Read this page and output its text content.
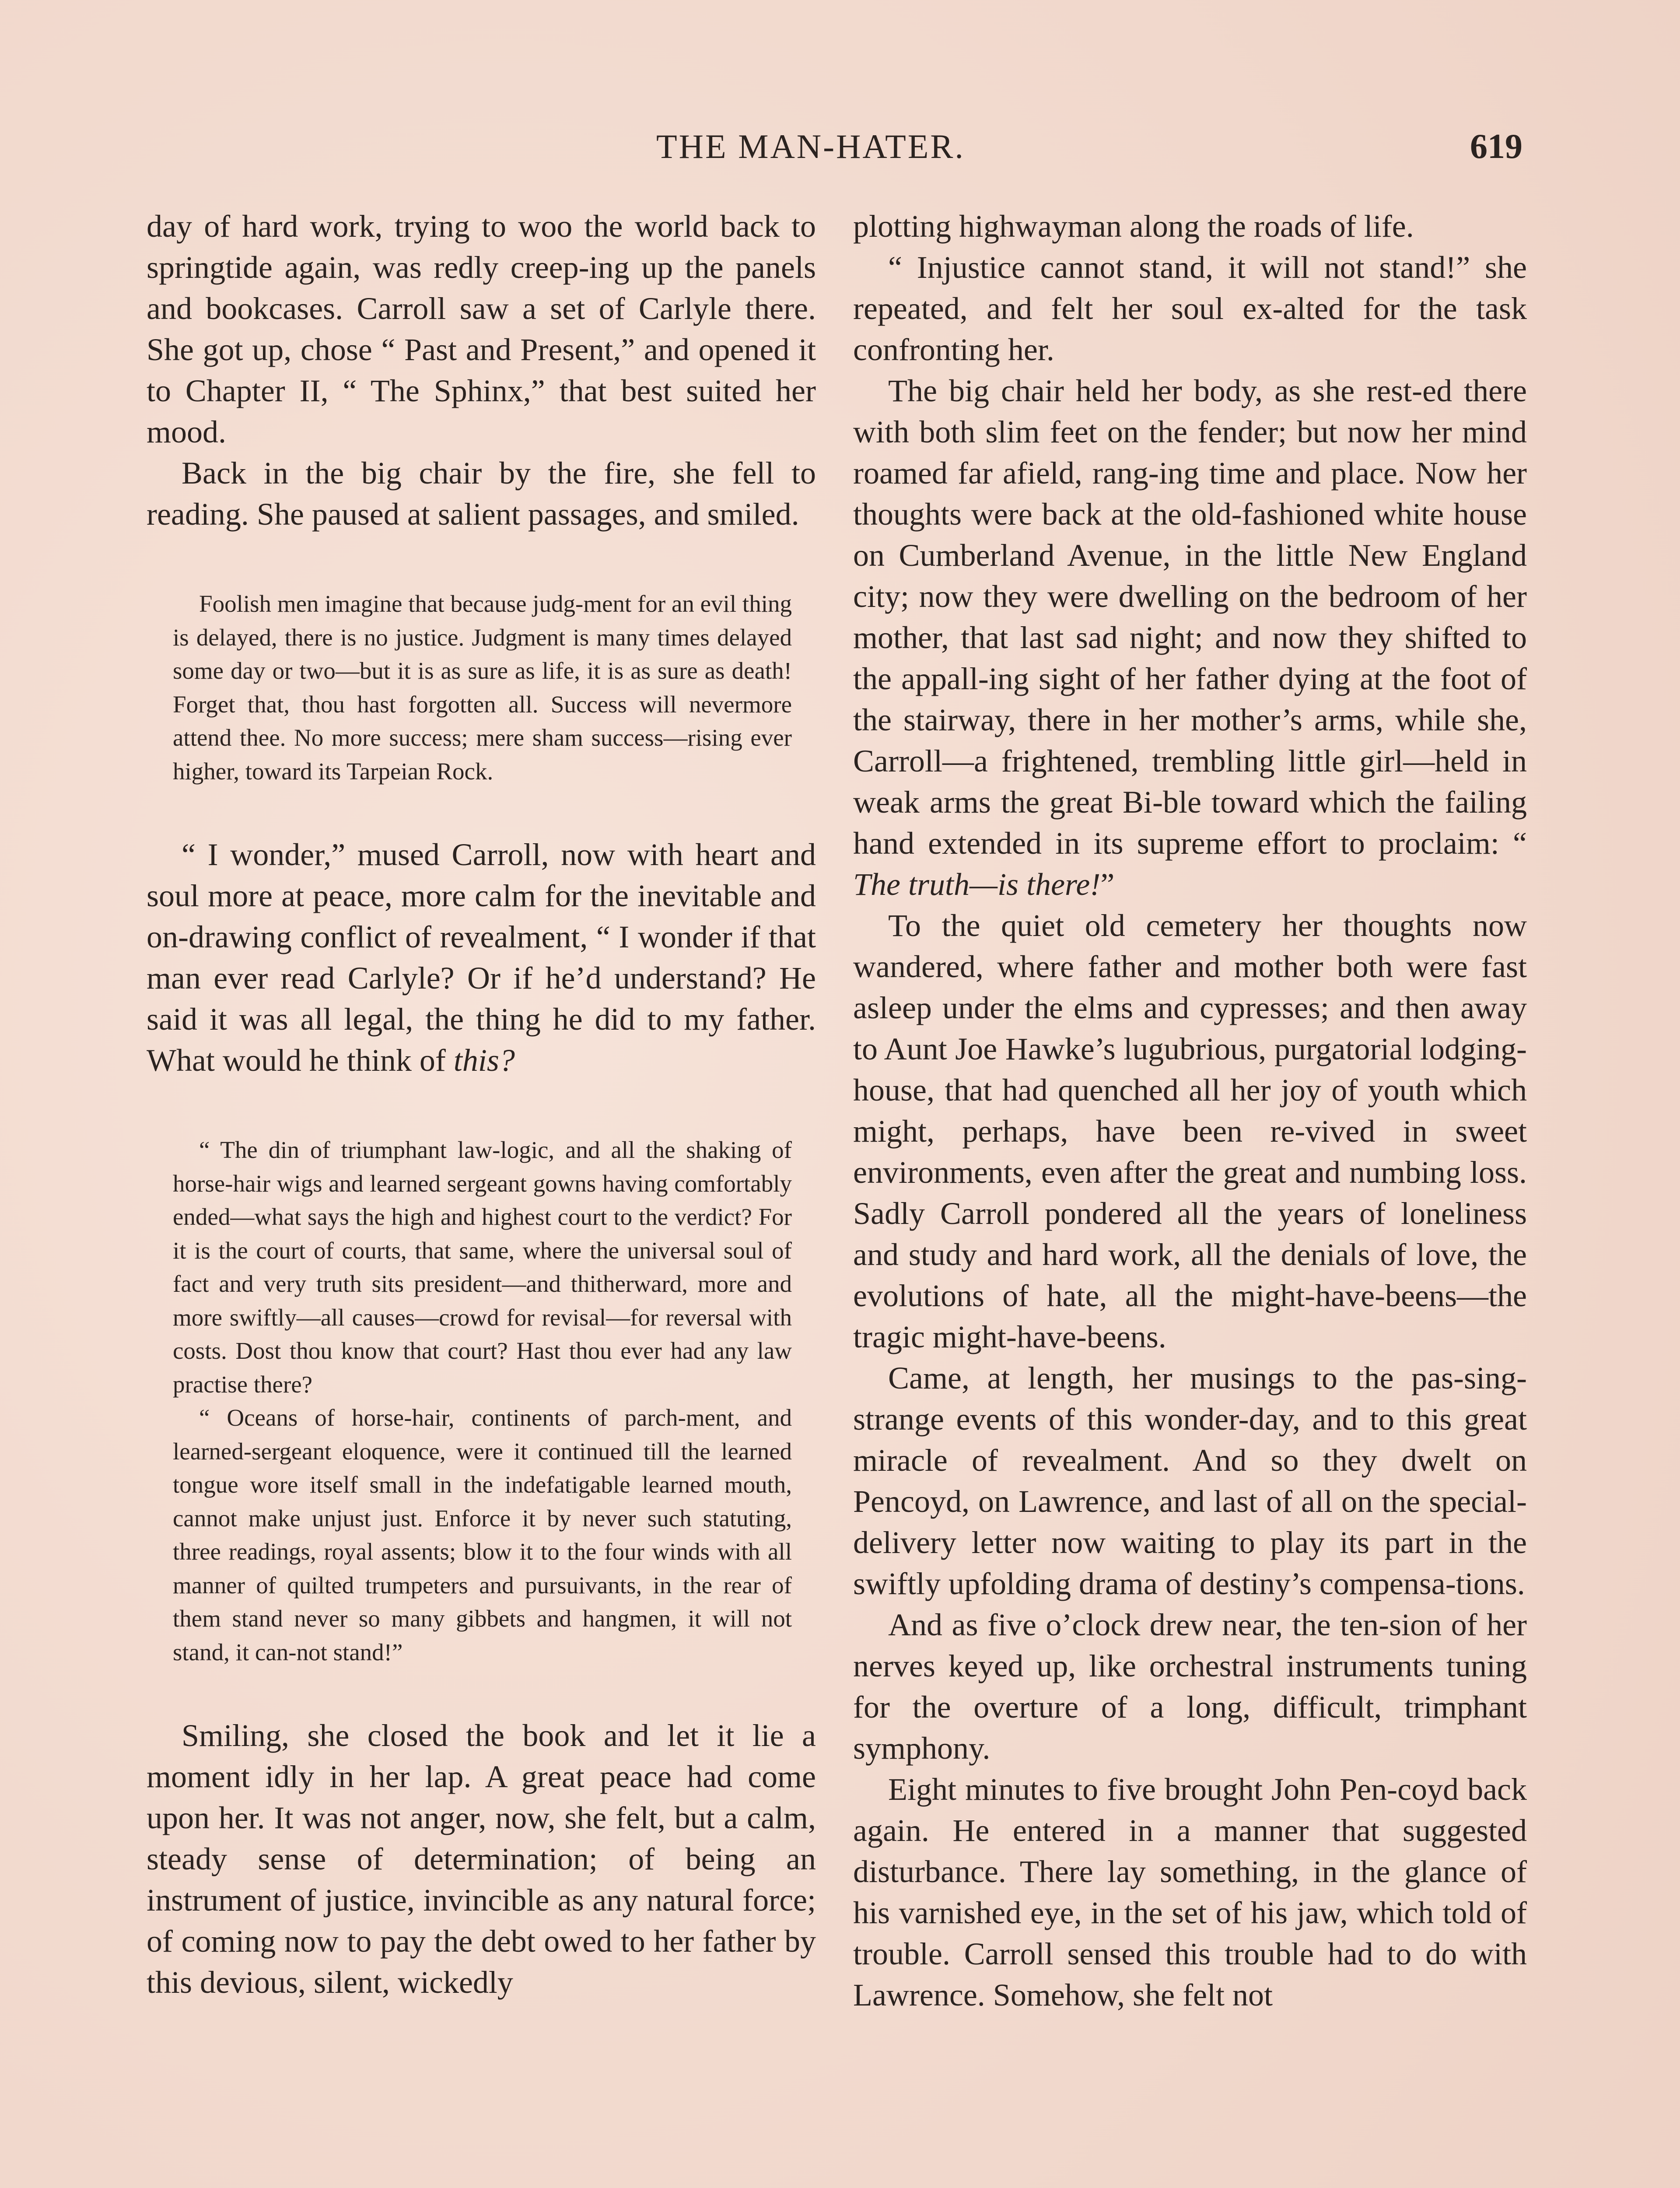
THE MAN-HATER.	619

day of hard work, trying to woo the world back to springtide again, was redly creep-ing up the panels and bookcases. Carroll saw a set of Carlyle there. She got up, chose “ Past and Present,” and opened it to Chapter II, “ The Sphinx,” that best suited her mood.

Back in the big chair by the fire, she fell to reading. She paused at salient passages, and smiled.

Foolish men imagine that because judg-ment for an evil thing is delayed, there is no justice. Judgment is many times delayed some day or two—but it is as sure as life, it is as sure as death! Forget that, thou hast forgotten all. Success will nevermore attend thee. No more success; mere sham success—rising ever higher, toward its Tarpeian Rock.

“ I wonder,” mused Carroll, now with heart and soul more at peace, more calm for the inevitable and on-drawing conflict of revealment, “ I wonder if that man ever read Carlyle? Or if he’d understand? He said it was all legal, the thing he did to my father. What would he think of this?

“ The din of triumphant law-logic, and all the shaking of horse-hair wigs and learned sergeant gowns having comfortably ended—what says the high and highest court to the verdict? For it is the court of courts, that same, where the universal soul of fact and very truth sits president—and thitherward, more and more swiftly—all causes—crowd for revisal—for reversal with costs. Dost thou know that court? Hast thou ever had any law practise there?

“ Oceans of horse-hair, continents of parch-ment, and learned-sergeant eloquence, were it continued till the learned tongue wore itself small in the indefatigable learned mouth, cannot make unjust just. Enforce it by never such statuting, three readings, royal assents; blow it to the four winds with all manner of quilted trumpeters and pursuivants, in the rear of them stand never so many gibbets and hangmen, it will not stand, it can-not stand!”

Smiling, she closed the book and let it lie a moment idly in her lap. A great peace had come upon her. It was not anger, now, she felt, but a calm, steady sense of determination; of being an instrument of justice, invincible as any natural force; of coming now to pay the debt owed to her father by this devious, silent, wickedly

plotting highwayman along the roads of life.

“ Injustice cannot stand, it will not stand!” she repeated, and felt her soul ex-alted for the task confronting her.

The big chair held her body, as she rest-ed there with both slim feet on the fender; but now her mind roamed far afield, rang-ing time and place. Now her thoughts were back at the old-fashioned white house on Cumberland Avenue, in the little New England city; now they were dwelling on the bedroom of her mother, that last sad night; and now they shifted to the appall-ing sight of her father dying at the foot of the stairway, there in her mother’s arms, while she, Carroll—a frightened, trembling little girl—held in weak arms the great Bi-ble toward which the failing hand extended in its supreme effort to proclaim: “ The truth—is there!”

To the quiet old cemetery her thoughts now wandered, where father and mother both were fast asleep under the elms and cypresses; and then away to Aunt Joe Hawke’s lugubrious, purgatorial lodging-house, that had quenched all her joy of youth which might, perhaps, have been re-vived in sweet environments, even after the great and numbing loss. Sadly Carroll pondered all the years of loneliness and study and hard work, all the denials of love, the evolutions of hate, all the might-have-beens—the tragic might-have-beens.

Came, at length, her musings to the pas-sing-strange events of this wonder-day, and to this great miracle of revealment. And so they dwelt on Pencoyd, on Lawrence, and last of all on the special-delivery letter now waiting to play its part in the swiftly upfolding drama of destiny’s compensa-tions.

And as five o’clock drew near, the ten-sion of her nerves keyed up, like orchestral instruments tuning for the overture of a long, difficult, trimphant symphony.

Eight minutes to five brought John Pen-coyd back again. He entered in a manner that suggested disturbance. There lay something, in the glance of his varnished eye, in the set of his jaw, which told of trouble. Carroll sensed this trouble had to do with Lawrence. Somehow, she felt not
